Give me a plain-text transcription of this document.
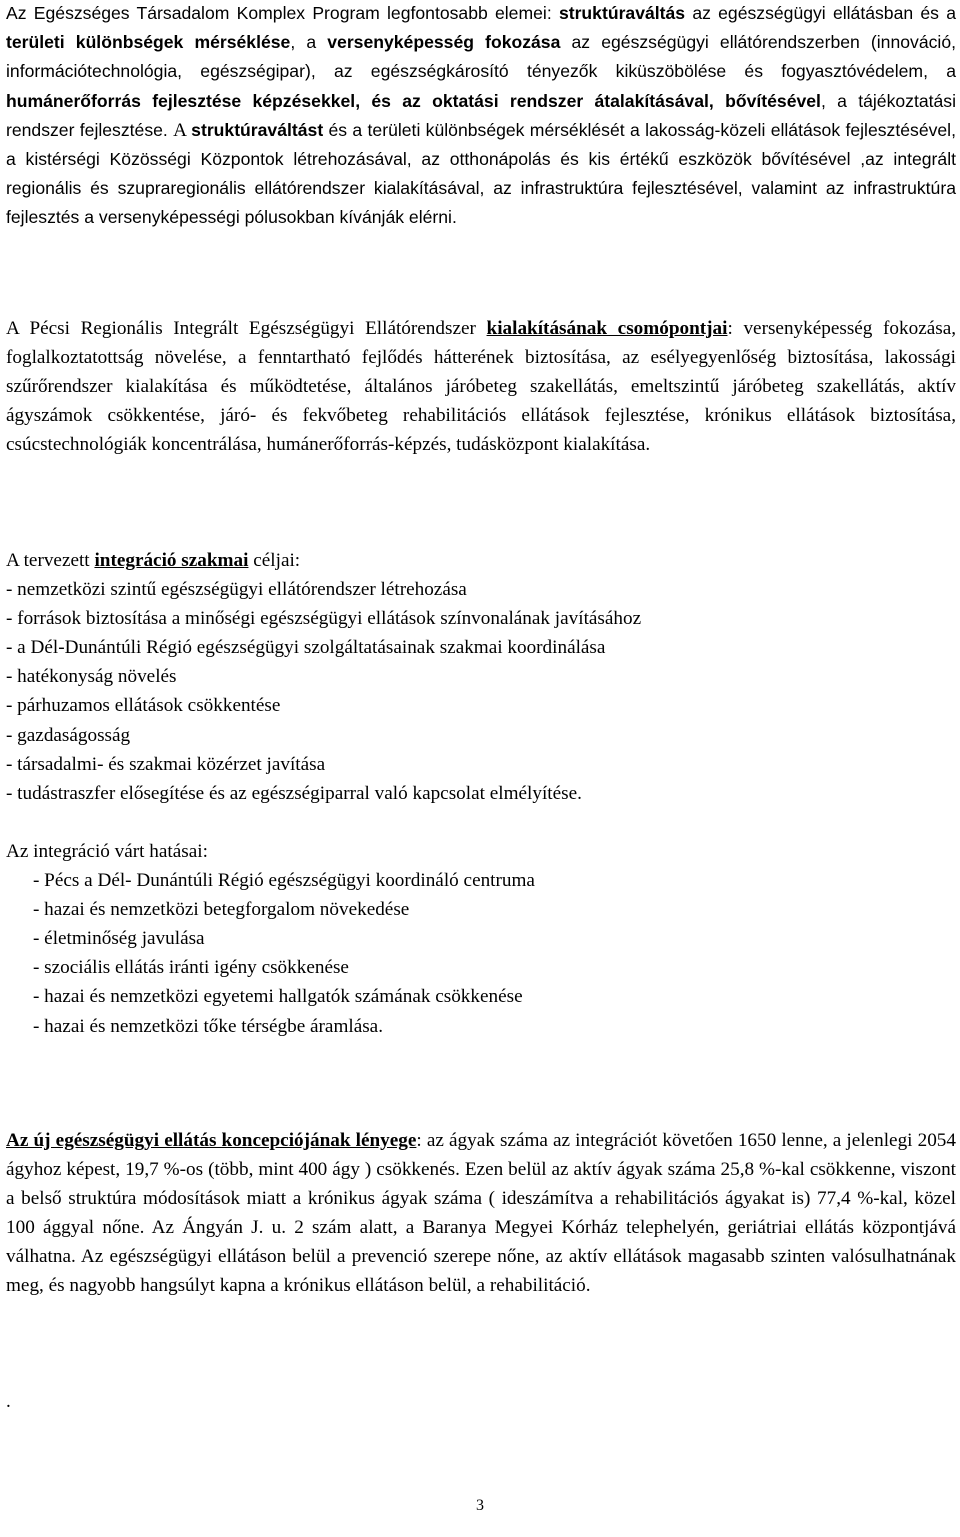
Az Egészséges Társadalom Komplex Program legfontosabb elemei: struktúraváltás az egészségügyi ellátásban és a területi különbségek mérséklése, a versenyképesség fokozása az egészségügyi ellátórendszerben (innováció, információtechnológia, egészségipar), az egészségkárosító tényezők kiküszöbölése és fogyasztóvédelem, a humánerőforrás fejlesztése képzésekkel, és az oktatási rendszer átalakításával, bővítésével, a tájékoztatási rendszer fejlesztése. A struktúraváltást és a területi különbségek mérséklését a lakosság-közeli ellátások fejlesztésével, a kistérségi Közösségi Központok létrehozásával, az otthonápolás és kis értékű eszközök bővítésével ,az integrált regionális és szupraregionális ellátórendszer kialakításával, az infrastruktúra fejlesztésével, valamint az infrastruktúra fejlesztés a versenyképességi pólusokban kívánják elérni.

A Pécsi Regionális Integrált Egészségügyi Ellátórendszer kialakításának csomópontjai: versenyképesség fokozása, foglalkoztatottság növelése, a fenntartható fejlődés hátterének biztosítása, az esélyegyenlőség biztosítása, lakossági szűrőrendszer kialakítása és működtetése, általános járóbeteg szakellátás, emeltszintű járóbeteg szakellátás, aktív ágyszámok csökkentése, járó- és fekvőbeteg rehabilitációs ellátások fejlesztése, krónikus ellátások biztosítása, csúcstechnológiák koncentrálása, humánerőforrás-képzés, tudásközpont kialakítása.

A tervezett integráció szakmai céljai:

- nemzetközi szintű egészségügyi ellátórendszer létrehozása
- források biztosítása a minőségi egészségügyi ellátások színvonalának javításához
- a Dél-Dunántúli Régió egészségügyi szolgáltatásainak szakmai koordinálása
- hatékonyság növelés
- párhuzamos ellátások csökkentése
- gazdaságosság
- társadalmi- és szakmai közérzet javítása
- tudástraszfer elősegítése és az egészségiparral való kapcsolat elmélyítése.

Az integráció várt hatásai:

- Pécs a Dél- Dunántúli Régió egészségügyi koordináló centruma
- hazai és nemzetközi betegforgalom növekedése
- életminőség javulása
- szociális ellátás iránti igény csökkenése
- hazai és nemzetközi egyetemi hallgatók számának csökkenése
- hazai és nemzetközi tőke térségbe áramlása.

Az új egészségügyi ellátás koncepciójának lényege: az ágyak száma az integrációt követően 1650 lenne, a jelenlegi 2054 ágyhoz képest, 19,7 %-os (több, mint 400 ágy ) csökkenés. Ezen belül az aktív ágyak száma 25,8 %-kal csökkenne, viszont a belső struktúra módosítások miatt a krónikus ágyak száma ( ideszámítva a rehabilitációs ágyakat is) 77,4 %-kal, közel 100 ággyal nőne. Az Ángyán J. u. 2 szám alatt, a Baranya Megyei Kórház telephelyén, geriátriai ellátás központjává válhatna. Az egészségügyi ellátáson belül a prevenció szerepe nőne, az aktív ellátások magasabb szinten valósulhatnának meg, és nagyobb hangsúlyt kapna a krónikus ellátáson belül, a rehabilitáció.

.

3
